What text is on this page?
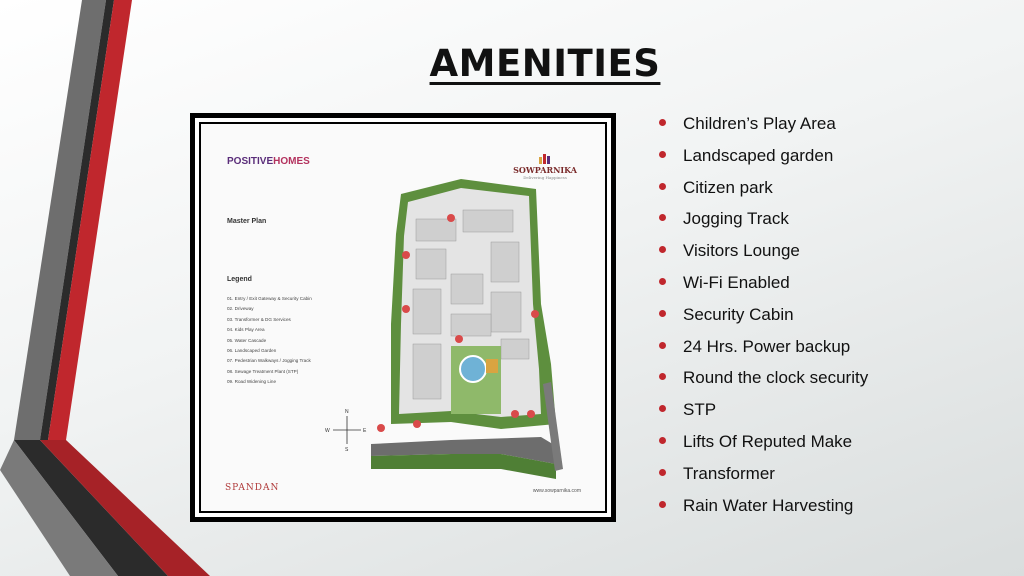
AMENITIES
N
S
E
W
POSITIVEHOMES
SOWPARNIKA
Delivering Happiness
Master Plan
Legend
01. Entry / Exit Gateway & Security Cabin
02. Driveway
03. Transformer & DG Services
04. Kids Play Area
05. Water Cascade
06. Landscaped Garden
07. Pedestrian Walkways / Jogging Track
08. Sewage Treatment Plant (STP)
09. Road Widening Line
SPANDAN	www.sowparnika.com
Children’s Play Area
Landscaped garden
Citizen park
Jogging Track
Visitors Lounge
Wi-Fi Enabled
Security Cabin
24 Hrs. Power backup
Round the clock security
STP
Lifts Of Reputed Make
Transformer
Rain Water Harvesting
